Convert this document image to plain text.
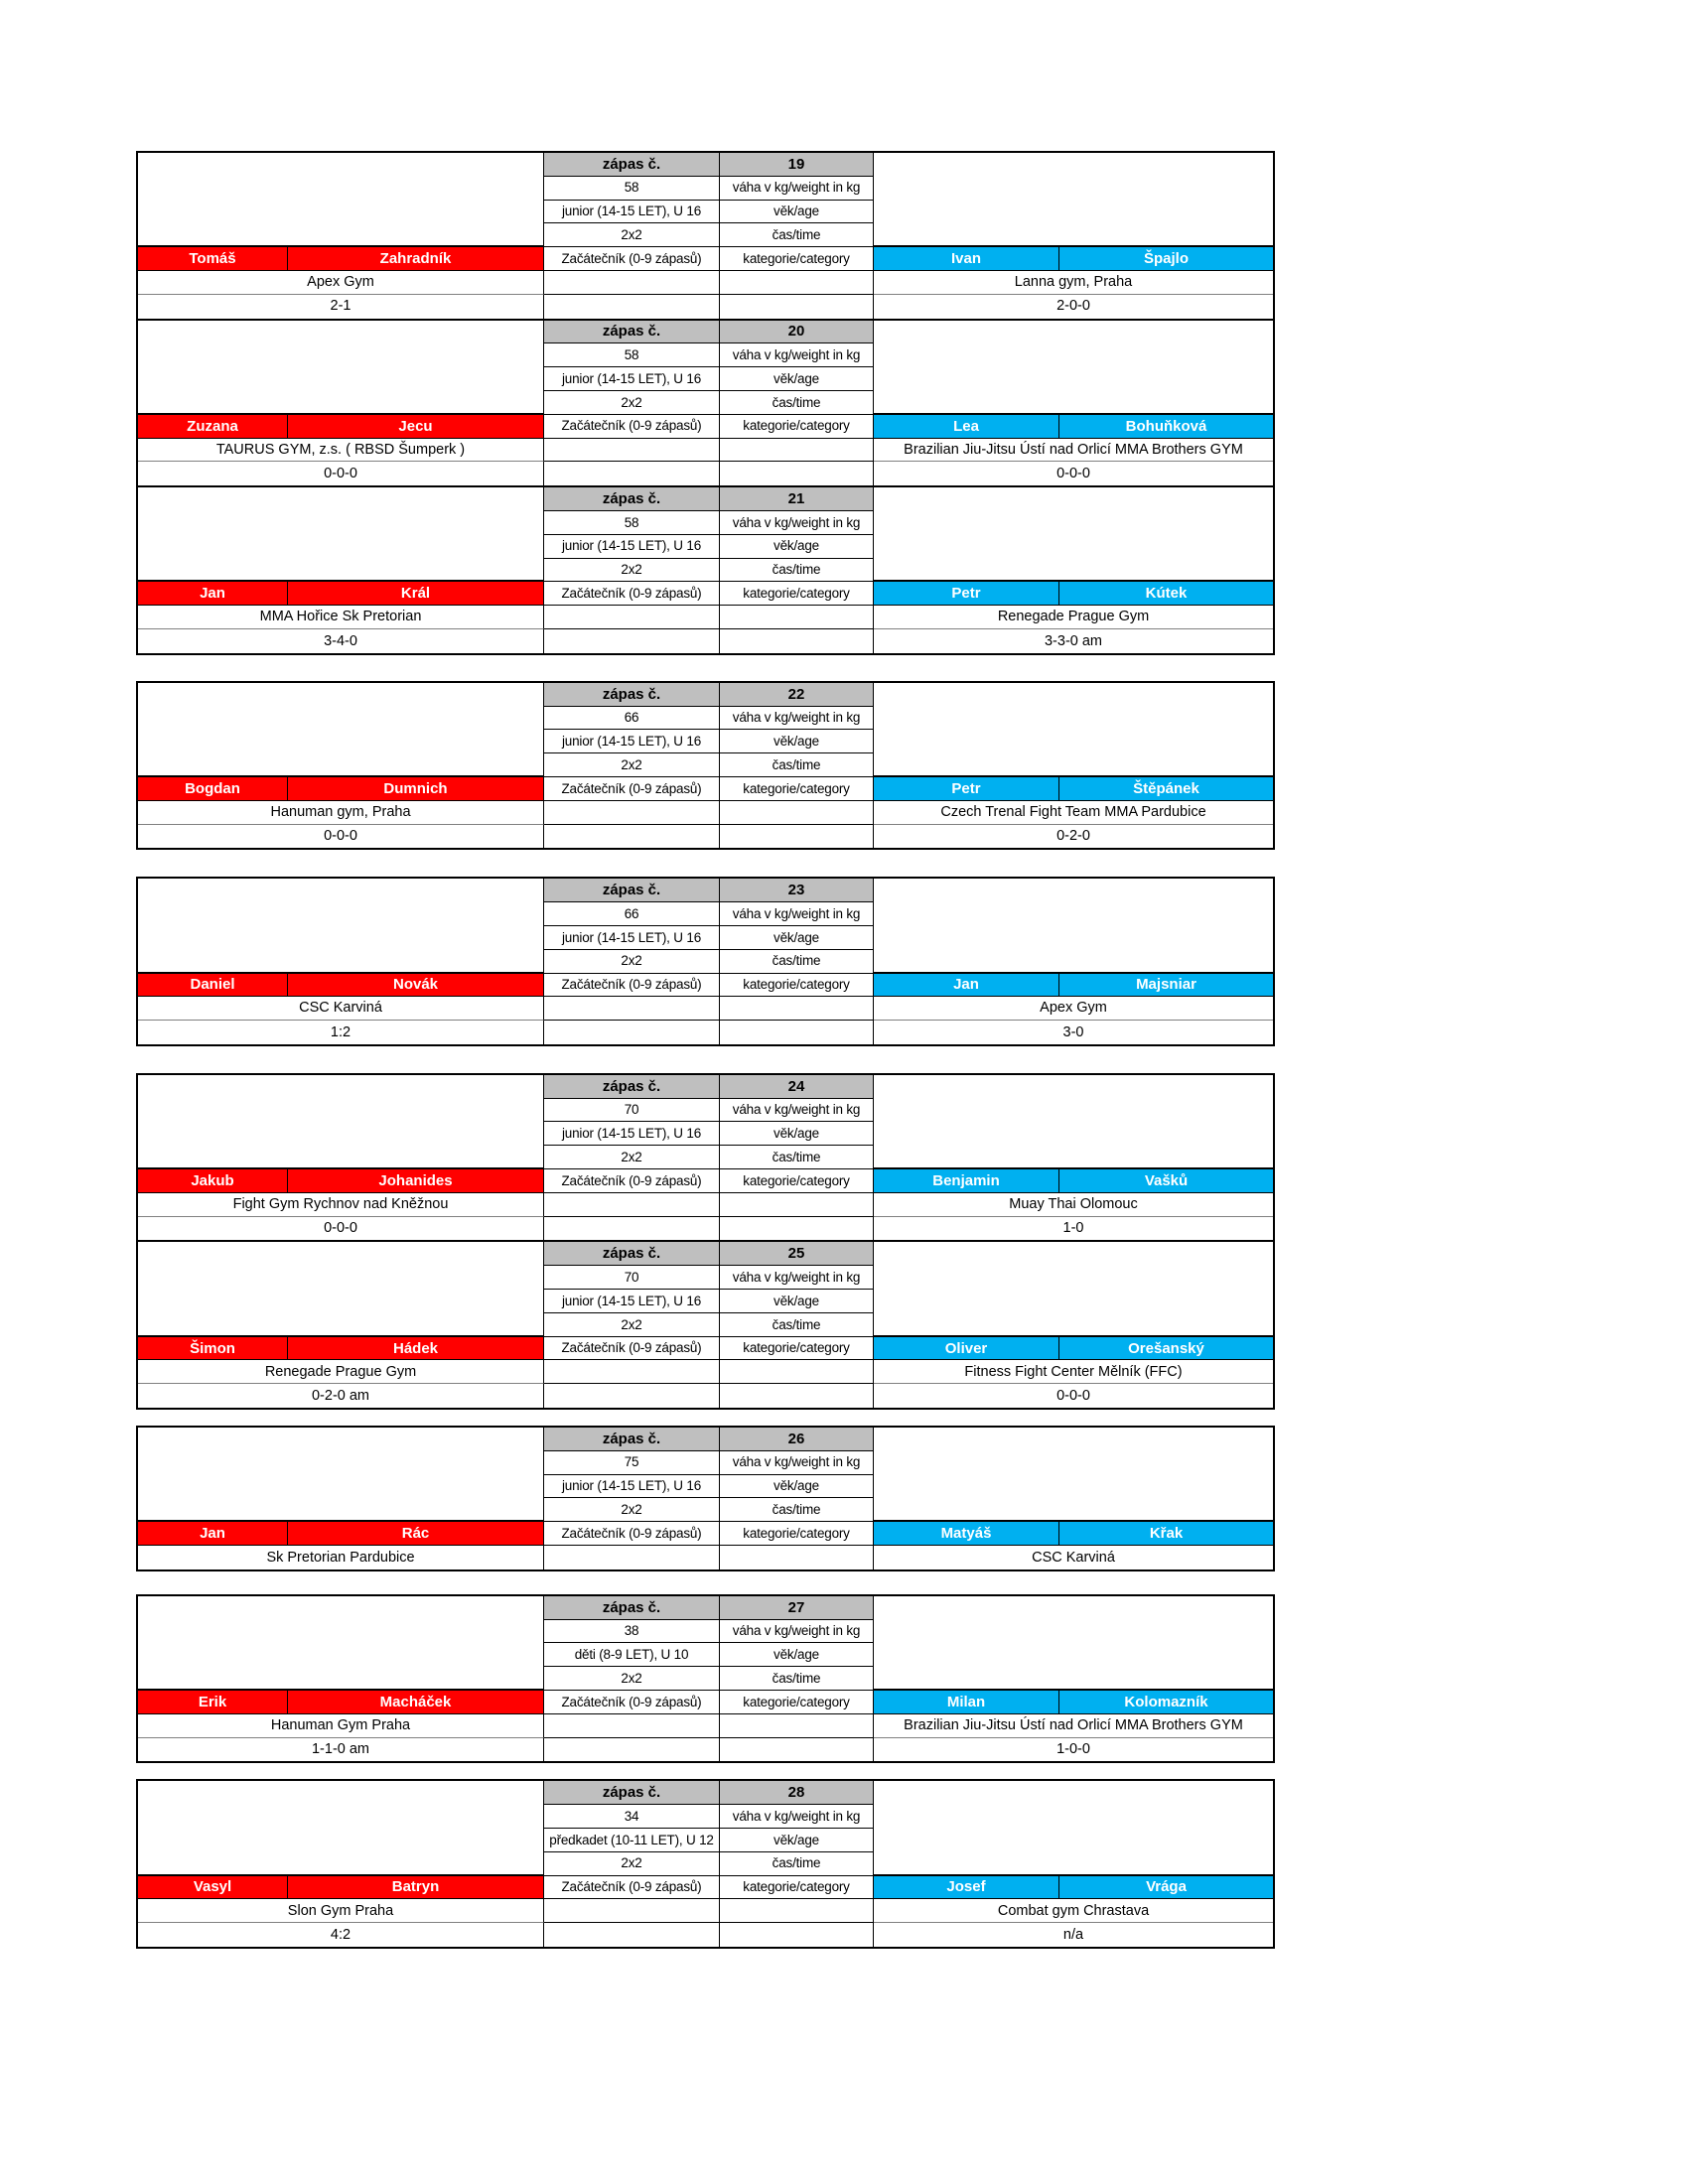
zápas č.	19
58	váha v kg/weight in kg
junior (14-15 LET), U 16	věk/age
2x2	čas/time
Tomáš	Zahradník	Začátečník (0-9 zápasů)	kategorie/category	Ivan	Špajlo
Apex Gym	Lanna gym, Praha
2-1	2-0-0
zápas č.	20
58	váha v kg/weight in kg
junior (14-15 LET), U 16	věk/age
2x2	čas/time
Zuzana	Jecu	Začátečník (0-9 zápasů)	kategorie/category	Lea	Bohuňková
TAURUS GYM, z.s. ( RBSD Šumperk )	Brazilian Jiu-Jitsu Ústí nad Orlicí MMA Brothers GYM
0-0-0	0-0-0
zápas č.	21
58	váha v kg/weight in kg
junior (14-15 LET), U 16	věk/age
2x2	čas/time
Jan	Král	Začátečník (0-9 zápasů)	kategorie/category	Petr	Kútek
MMA Hořice Sk Pretorian	Renegade Prague Gym
3-4-0	3-3-0 am
zápas č.	22
66	váha v kg/weight in kg
junior (14-15 LET), U 16	věk/age
2x2	čas/time
Bogdan	Dumnich	Začátečník (0-9 zápasů)	kategorie/category	Petr	Štěpánek
Hanuman gym, Praha	Czech Trenal Fight Team MMA Pardubice
0-0-0	0-2-0
zápas č.	23
66	váha v kg/weight in kg
junior (14-15 LET), U 16	věk/age
2x2	čas/time
Daniel	Novák	Začátečník (0-9 zápasů)	kategorie/category	Jan	Majsniar
CSC Karviná	Apex Gym
1:2	3-0
zápas č.	24
70	váha v kg/weight in kg
junior (14-15 LET), U 16	věk/age
2x2	čas/time
Jakub	Johanides	Začátečník (0-9 zápasů)	kategorie/category	Benjamin	Vašků
Fight Gym Rychnov nad Kněžnou	Muay Thai Olomouc
0-0-0	1-0
zápas č.	25
70	váha v kg/weight in kg
junior (14-15 LET), U 16	věk/age
2x2	čas/time
Šimon	Hádek	Začátečník (0-9 zápasů)	kategorie/category	Oliver	Orešanský
Renegade Prague Gym	Fitness Fight Center Mělník (FFC)
0-2-0 am	0-0-0
zápas č.	26
75	váha v kg/weight in kg
junior (14-15 LET), U 16	věk/age
2x2	čas/time
Jan	Rác	Začátečník (0-9 zápasů)	kategorie/category	Matyáš	Křak
Sk Pretorian Pardubice	CSC Karviná
zápas č.	27
38	váha v kg/weight in kg
děti (8-9 LET), U 10	věk/age
2x2	čas/time
Erik	Macháček	Začátečník (0-9 zápasů)	kategorie/category	Milan	Kolomazník
Hanuman Gym Praha	Brazilian Jiu-Jitsu Ústí nad Orlicí MMA Brothers GYM
1-1-0 am	1-0-0
zápas č.	28
34	váha v kg/weight in kg
předkadet (10-11 LET), U 12	věk/age
2x2	čas/time
Vasyl	Batryn	Začátečník (0-9 zápasů)	kategorie/category	Josef	Vrága
Slon Gym Praha	Combat gym Chrastava
4:2	n/a
